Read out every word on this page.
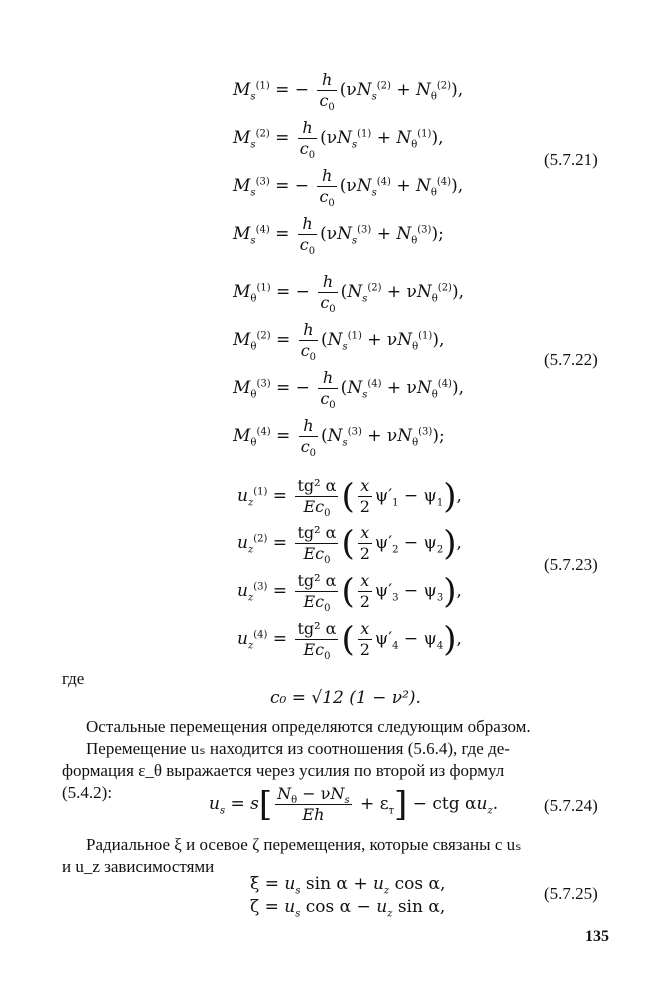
$M_s^{(1)}$ = − $\frac{h}{c_0} (\nu N_s^{(2)} + N_\theta^{(2)})$,
$M_s^{(2)} = \frac{h}{c_0} (\nu N_s^{(1)} + N_\theta^{(1)})$,
$M_s^{(3)}$ = − $\frac{h}{c_0} (\nu N_s^{(4)} + N_\theta^{(4)})$,
$M_s^{(4)} = \frac{h}{c_0} (\nu N_s^{(3)} + N_\theta^{(3)})$;
(5.7.21)
$M_\theta^{(1)}$ = − $\frac{h}{c_0} (N_s^{(2)} + \nu N_\theta^{(2)})$,
$M_\theta^{(2)} = \frac{h}{c_0} (N_s^{(1)} + \nu N_\theta^{(1)})$,
$M_\theta^{(3)}$ = − $\frac{h}{c_0} (N_s^{(4)} + \nu N_\theta^{(4)})$,
$M_\theta^{(4)} = \frac{h}{c_0} (N_s^{(3)} + \nu N_\theta^{(3)})$;
(5.7.22)
$u_z^{(1)} = \frac{\text{tg² α}}{Ec_0}$ ( $\frac{x}{2} \psi'_1 - \psi_1$),
$u_z^{(2)} = \frac{\text{tg² α}}{Ec_0}$ ( $\frac{x}{2} \psi'_2 - \psi_2$),
$u_z^{(3)} = \frac{\text{tg² α}}{Ec_0}$ ( $\frac{x}{2} \psi'_3 - \psi_3$),
$u_z^{(4)} = \frac{\text{tg² α}}{Ec_0}$ ( $\frac{x}{2} \psi'_4 - \psi_4$),
(5.7.23)
где
c₀ = √12 (1 − ν²).
Остальные перемещения определяются следующим образом.
Перемещение uₛ находится из соотношения (5.6.4), где де-
формация ε_θ выражается через усилия по второй из формул
(5.4.2):
$u_s = s[ \frac{N_\theta - \nu N_s}{Eh} + \varepsilon_т]$ − ctg $\alpha u_z$.	(5.7.24)
Радиальное ξ и осевое ζ перемещения, которые связаны с uₛ
и u_z зависимостями
$\xi = u_s$ $\sin \alpha + u_z$ cos α,
$\zeta = u_s$ $\cos \alpha - u_z$ sin α,
(5.7.25)
135
